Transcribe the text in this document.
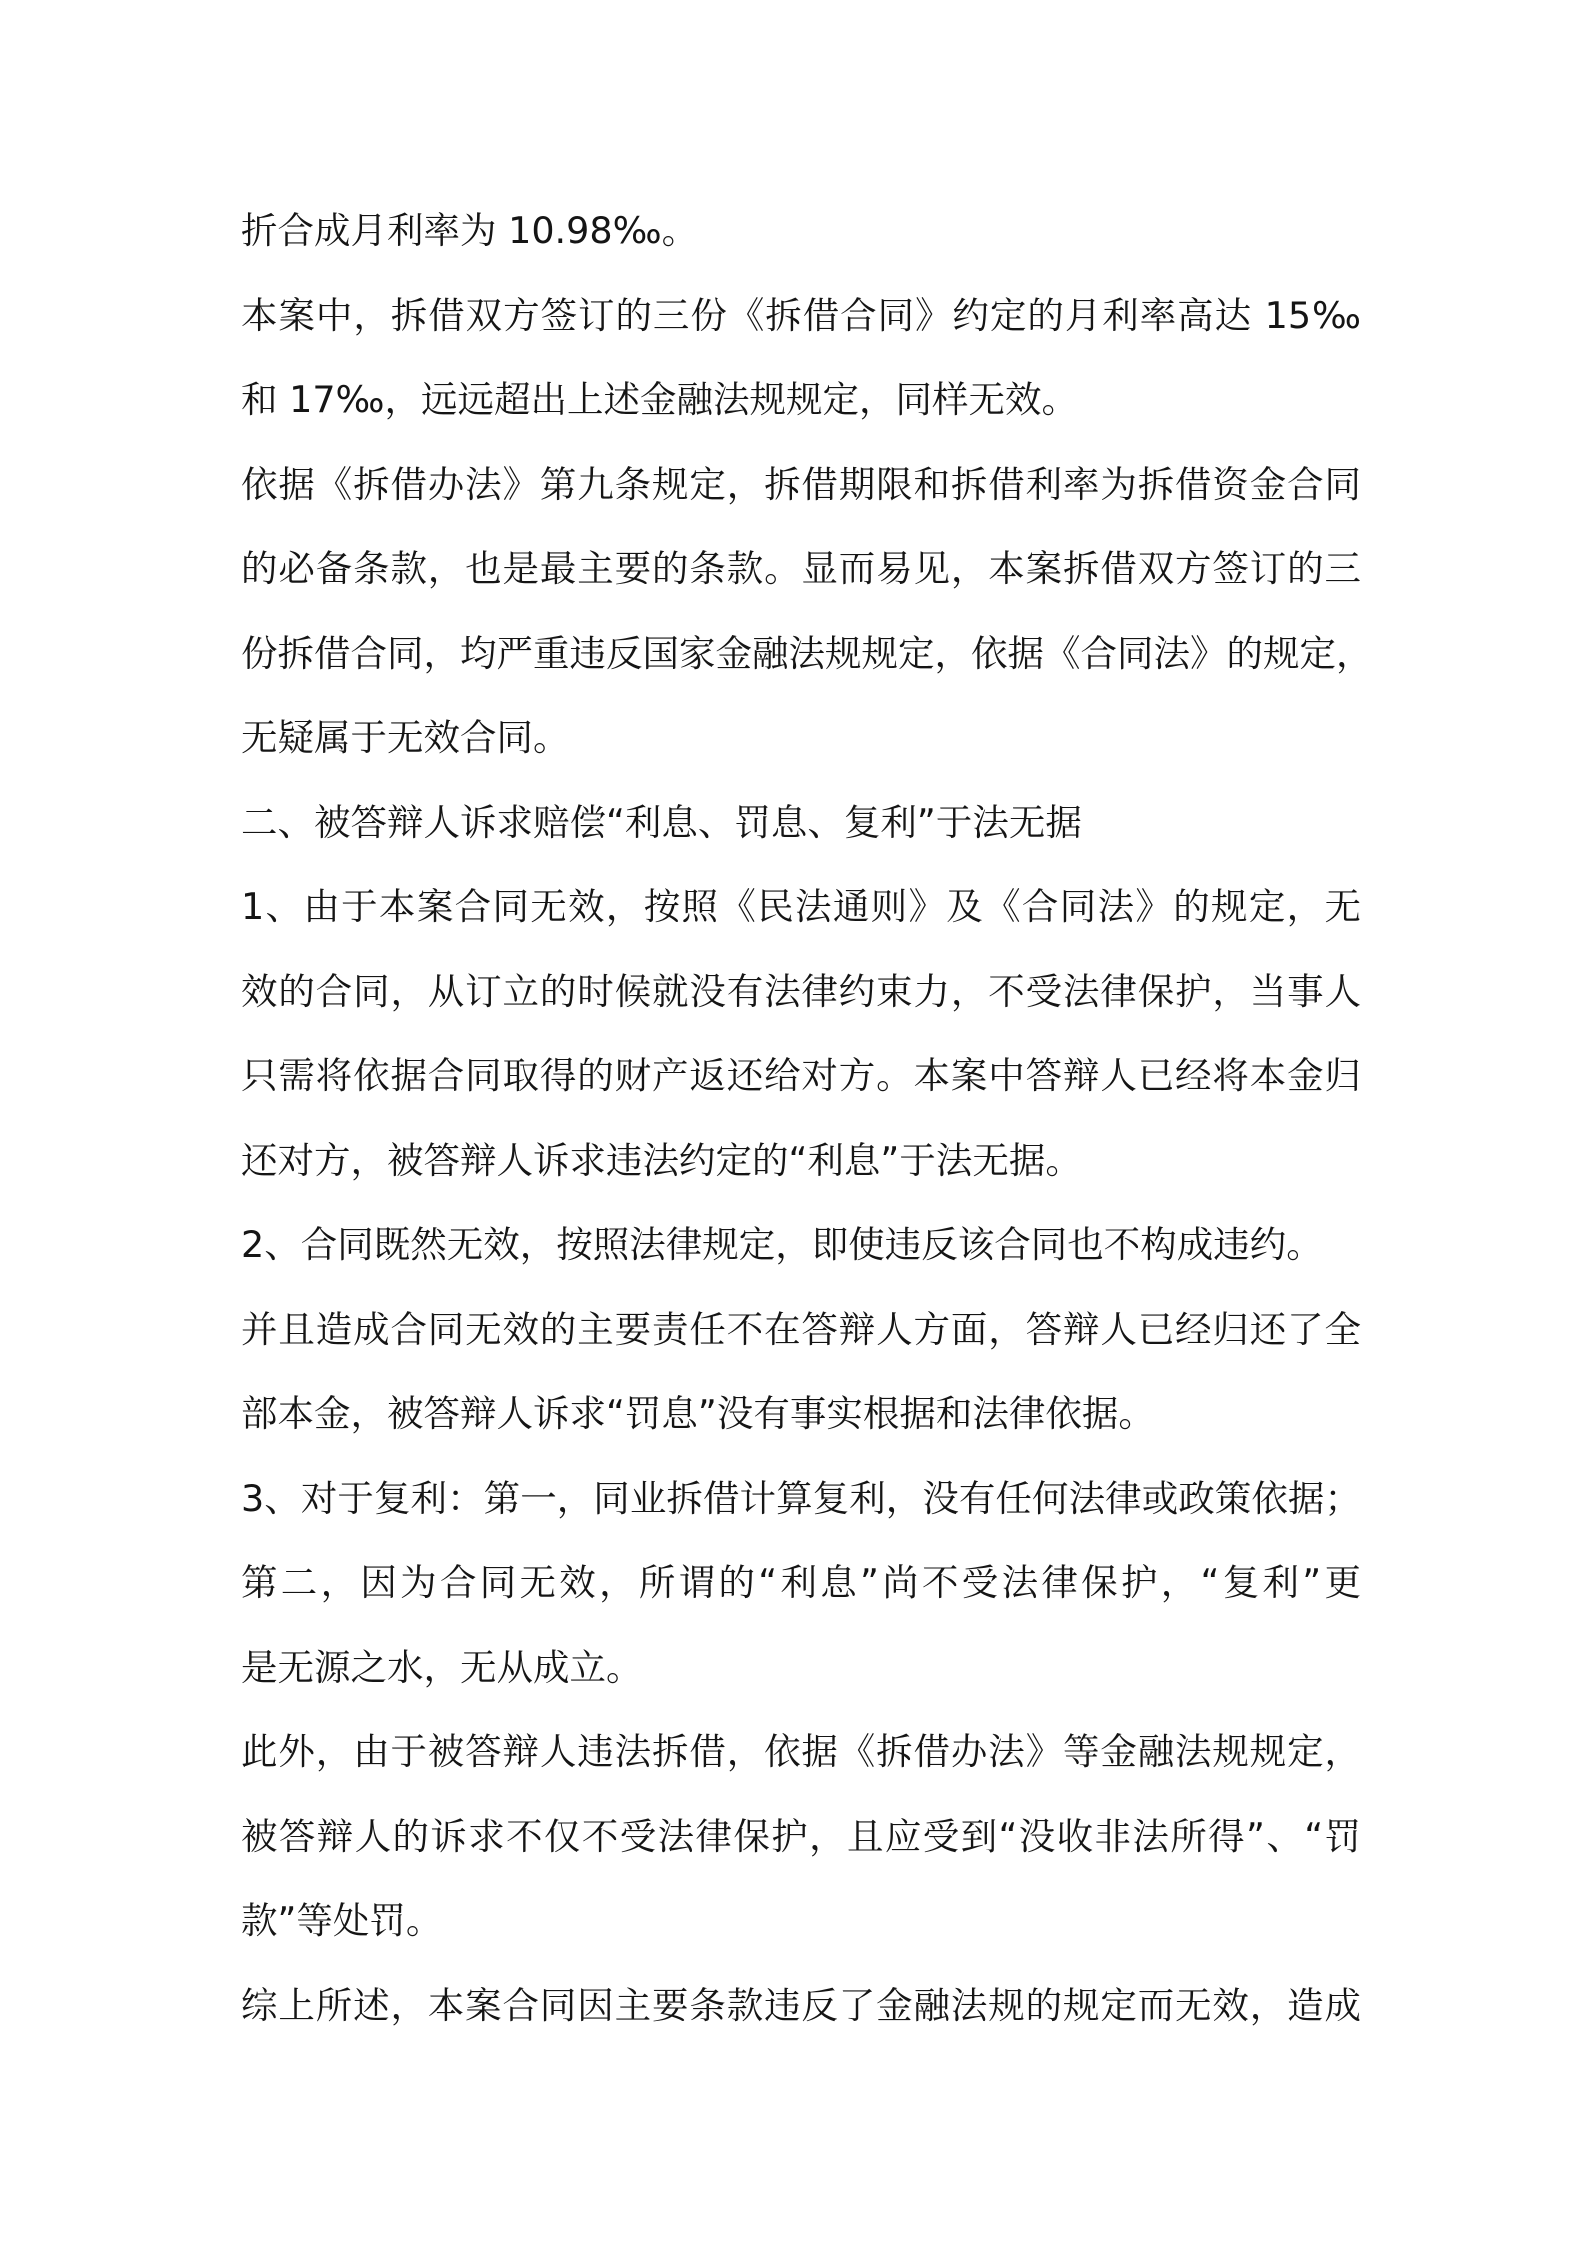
折合成月利率为 10.98‰。
本案中，拆借双方签订的三份《拆借合同》约定的月利率高达 15‰
和 17‰，远远超出上述金融法规规定，同样无效。
依据《拆借办法》第九条规定，拆借期限和拆借利率为拆借资金合同
的必备条款，也是最主要的条款。显而易见，本案拆借双方签订的三
份拆借合同，均严重违反国家金融法规规定，依据《合同法》的规定，
无疑属于无效合同。
二、被答辩人诉求赔偿“利息、罚息、复利”于法无据
1、由于本案合同无效，按照《民法通则》及《合同法》的规定，无
效的合同，从订立的时候就没有法律约束力，不受法律保护，当事人
只需将依据合同取得的财产返还给对方。本案中答辩人已经将本金归
还对方，被答辩人诉求违法约定的“利息”于法无据。
2、合同既然无效，按照法律规定，即使违反该合同也不构成违约。
并且造成合同无效的主要责任不在答辩人方面，答辩人已经归还了全
部本金，被答辩人诉求“罚息”没有事实根据和法律依据。
3、对于复利：第一，同业拆借计算复利，没有任何法律或政策依据；
第二，因为合同无效，所谓的“利息”尚不受法律保护，“复利”更
是无源之水，无从成立。
此外，由于被答辩人违法拆借，依据《拆借办法》等金融法规规定，
被答辩人的诉求不仅不受法律保护，且应受到“没收非法所得”、“罚
款”等处罚。
综上所述，本案合同因主要条款违反了金融法规的规定而无效，造成
